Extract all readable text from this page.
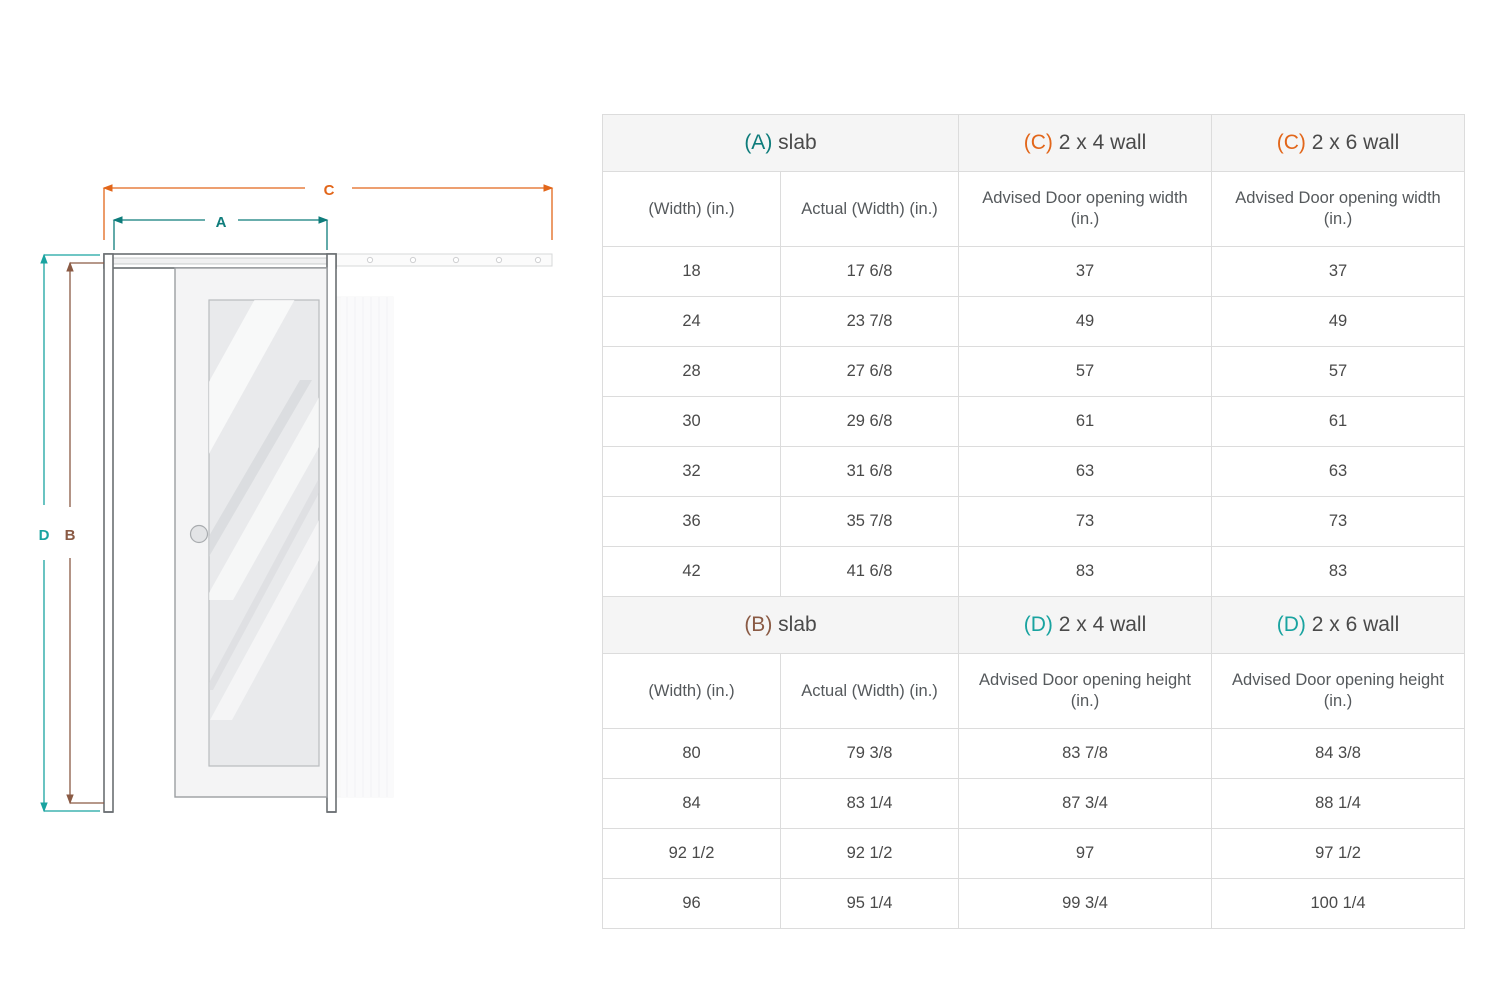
C
A
D B
(A) slab		(C) 2 x 4 wall	(C) 2 x 6 wall
(Width) (in.)	Actual (Width) (in.)	Advised Door opening width (in.)	Advised Door opening width (in.)
18	17 6/8	37	37
24	23 7/8	49	49
28	27 6/8	57	57
30	29 6/8	61	61
32	31 6/8	63	63
36	35 7/8	73	73
42	41 6/8	83	83
(B) slab		(D) 2 x 4 wall	(D) 2 x 6 wall
(Width) (in.)	Actual (Width) (in.)	Advised Door opening height (in.)	Advised Door opening height (in.)
80	79 3/8	83 7/8	84 3/8
84	83 1/4	87 3/4	88 1/4
92 1/2	92 1/2	97	97 1/2
96	95 1/4	99 3/4	100 1/4
